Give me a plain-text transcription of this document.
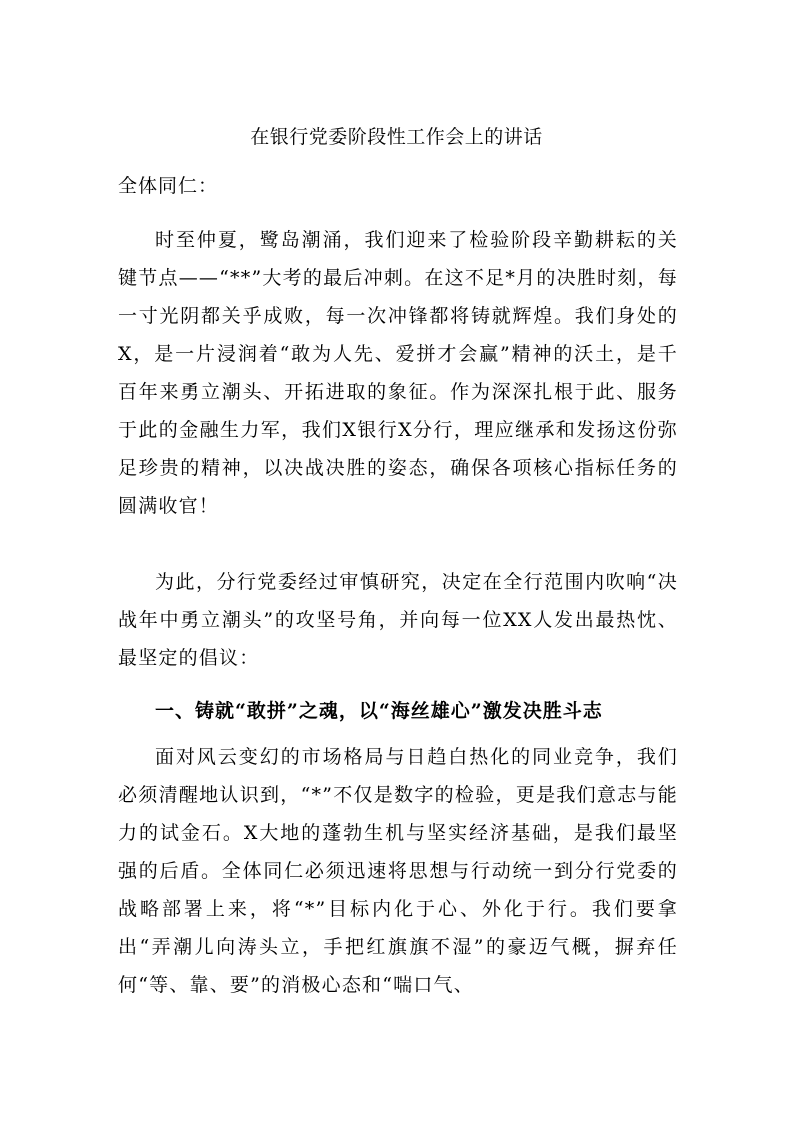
在银行党委阶段性工作会上的讲话
全体同仁：

时至仲夏，鹭岛潮涌，我们迎来了检验阶段辛勤耕耘的关键节点——“**”大考的最后冲刺。在这不足*月的决胜时刻，每一寸光阴都关乎成败，每一次冲锋都将铸就辉煌。我们身处的X，是一片浸润着“敢为人先、爱拼才会赢”精神的沃土，是千百年来勇立潮头、开拓进取的象征。作为深深扎根于此、服务于此的金融生力军，我们X银行X分行，理应继承和发扬这份弥足珍贵的精神，以决战决胜的姿态，确保各项核心指标任务的圆满收官！

为此，分行党委经过审慎研究，决定在全行范围内吹响“决战年中勇立潮头”的攻坚号角，并向每一位XX人发出最热忱、最坚定的倡议：

一、铸就“敢拼”之魂，以“海丝雄心”激发决胜斗志

面对风云变幻的市场格局与日趋白热化的同业竞争，我们必须清醒地认识到，“*”不仅是数字的检验，更是我们意志与能力的试金石。X大地的蓬勃生机与坚实经济基础，是我们最坚强的后盾。全体同仁必须迅速将思想与行动统一到分行党委的战略部署上来，将“*”目标内化于心、外化于行。我们要拿出“弄潮儿向涛头立，手把红旗旗不湿”的豪迈气概，摒弃任何“等、靠、要”的消极心态和“喘口气、
